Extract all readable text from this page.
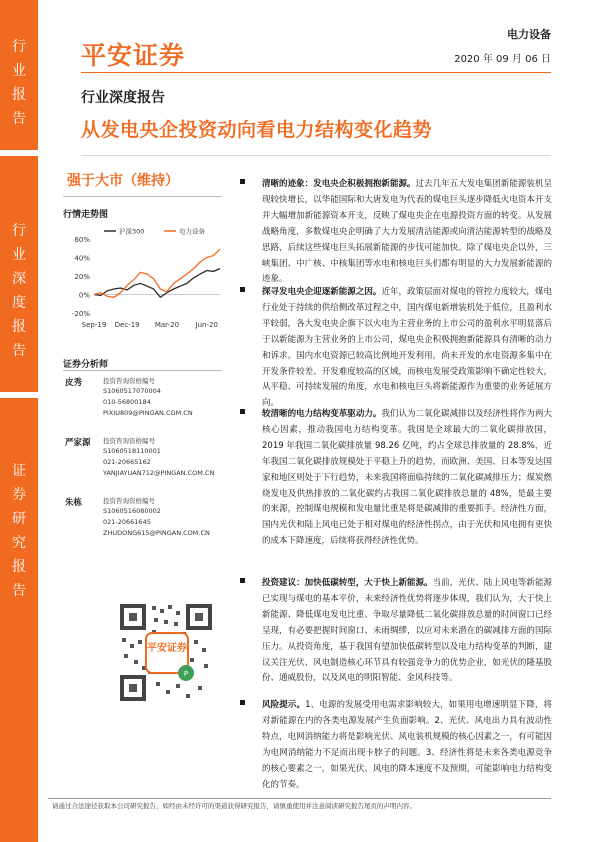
行
业
报
告
行
业
深
度
报
告
证
券
研
究
报
告
平安证券
电力设备
2020 年 09 月 06 日
行业深度报告
从发电央企投资动向看电力结构变化趋势
强于大市（维持）
行情走势图
沪深300	电力设备
60%
40%
20%
0%
-20%
Sep-19 Dec-19 Mar-20 Jun-20
证券分析师
皮秀	投资咨询资格编号
S1060517070004
010-56800184
PIXIU809@PINGAN.COM.CN
严家源 投资咨询资格编号
S1060518110001
021-20665162
YANJIAYUAN712@PINGAN.COM.CN
朱栋	投资咨询资格编号
S1060516080002
021-20661645
ZHUDONG615@PINGAN.COM.CN
平安证券
P
清晰的迹象：发电央企积极拥抱新能源。过去几年五大发电集团新能源装机呈现较快增长，以华能国际和大唐发电为代表的煤电巨头逐步降低火电资本开支并大幅增加新能源资本开支，反映了煤电央企在电源投资方面的转变。从发展战略角度，多数煤电央企明确了大力发展清洁能源或向清洁能源转型的战略及思路，后续这些煤电巨头拓展新能源的步伐可能加快。除了煤电央企以外，三峡集团、中广核、中核集团等水电和核电巨头们都有明显的大力发展新能源的迹象。
探寻发电央企迎逐新能源之因。近年，政策层面对煤电的管控力度较大，煤电行业处于持续的供给侧改革过程之中，国内煤电新增装机处于低位，且盈利水平较弱，各大发电央企旗下以火电为主营业务的上市公司的盈利水平明显落后于以新能源为主营业务的上市公司，煤电央企积极拥抱新能源具有清晰的动力和诉求。国内水电资源已较高比例地开发利用，尚未开发的水电资源多集中在开发条件较差、开发难度较高的区域，而核电发展受政策影响不确定性较大，从平稳、可持续发展的角度，水电和核电巨头将新能源作为重要的业务延展方向。
较清晰的电力结构变革驱动力。我们认为二氧化碳减排以及经济性将作为两大核心因素，推动我国电力结构变革。我国是全球最大的二氧化碳排放国，2019 年我国二氧化碳排放量 98.26 亿吨，约占全球总排放量的 28.8%，近年我国二氧化碳排放规模处于平稳上升的趋势，而欧洲、美国、日本等发达国家和地区则处于下行趋势，未来我国将面临持续的二氧化碳减排压力；煤炭燃烧发电及供热排放的二氧化碳约占我国二氧化碳排放总量的 48%，是最主要的来源，控制煤电规模和发电量比重是将是碳减排的重要抓手。经济性方面，国内光伏和陆上风电已处于相对煤电的经济性拐点，由于光伏和风电拥有更快的成本下降速度，后续将获得经济性优势。
投资建议：加快低碳转型，大于快上新能源。当前，光伏、陆上风电等新能源已实现与煤电的基本平价，未来经济性优势将逐步体现，我们认为，大于快上新能源、降低煤电发电比重、争取尽量降低二氧化碳排放总量的时间窗口已经呈现，有必要把握时间窗口、未雨绸缪，以应对未来潜在的碳减排方面的国际压力。从投资角度，基于我国有望加快低碳转型以及电力结构变革的判断，建议关注光伏、风电制造核心环节具有较强竞争力的优势企业，如光伏的隆基股份、通威股份，以及风电的明阳智能、金风科技等。
风险提示。1、电源的发展受用电需求影响较大，如果用电增速明显下降，将对新能源在内的各类电源发展产生负面影响。2、光伏、风电出力具有波动性特点，电网消纳能力将是影响光伏、风电装机规模的核心因素之一，有可能因为电网消纳能力不足而出现卡脖子的问题。3、经济性将是未来各类电源竞争的核心要素之一，如果光伏、风电的降本速度不及预期，可能影响电力结构变化的节奏。
请通过合法途径获取本公司研究报告，如经由未经许可的渠道获得研究报告，请慎重使用并注意阅读研究报告尾页的声明内容。
